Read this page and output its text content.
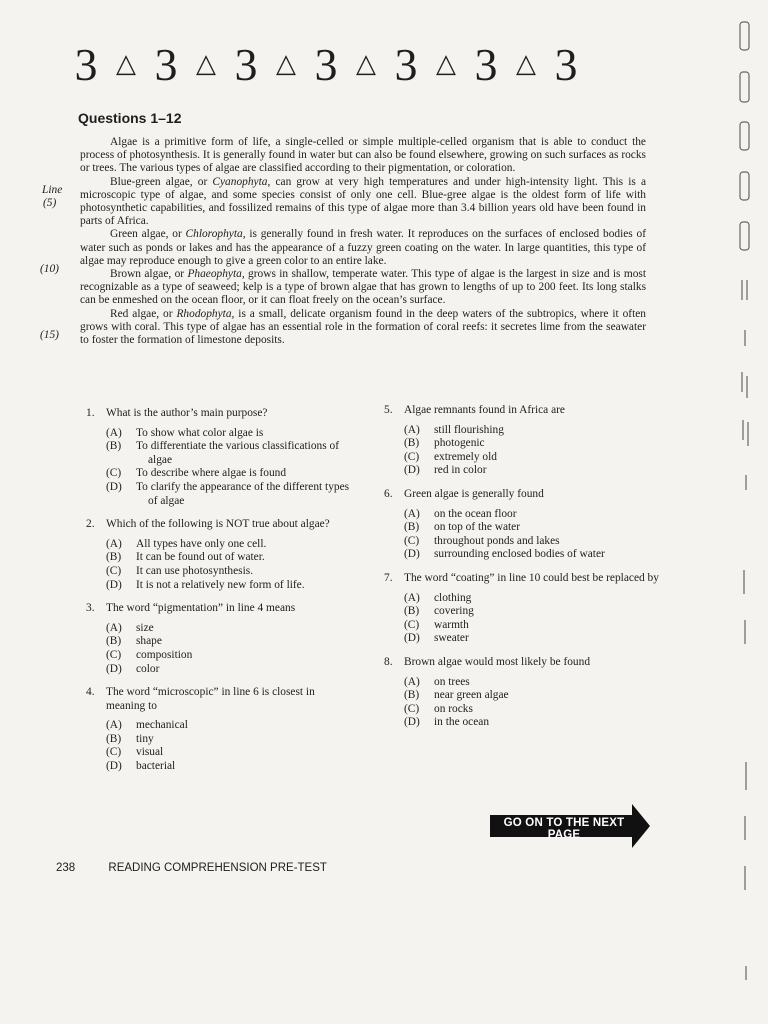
3 △ 3 △ 3 △ 3 △ 3 △ 3 △ 3
Questions 1–12
Line
(5)
(10)
(15)

Algae is a primitive form of life, a single-celled or simple multiple-celled organism that is able to conduct the process of photosynthesis. It is generally found in water but can also be found elsewhere, growing on such surfaces as rocks or trees. The various types of algae are classified according to their pigmentation, or coloration.

Blue-green algae, or Cyanophyta, can grow at very high temperatures and under high-intensity light. This is a microscopic type of algae, and some species consist of only one cell. Blue-gree algae is the oldest form of life with photosynthetic capabilities, and fossilized remains of this type of algae more than 3.4 billion years old have been found in parts of Africa.

Green algae, or Chlorophyta, is generally found in fresh water. It reproduces on the surfaces of enclosed bodies of water such as ponds or lakes and has the appearance of a fuzzy green coating on the water. In large quantities, this type of algae may reproduce enough to give a green color to an entire lake.

Brown algae, or Phaeophyta, grows in shallow, temperate water. This type of algae is the largest in size and is most recognizable as a type of seaweed; kelp is a type of brown algae that has grown to lengths of up to 200 feet. Its long stalks can be enmeshed on the ocean floor, or it can float freely on the ocean’s surface.

Red algae, or Rhodophyta, is a small, delicate organism found in the deep waters of the subtropics, where it often grows with coral. This type of algae has an essential role in the formation of coral reefs: it secretes lime from the seawater to foster the formation of limestone deposits.

1.	What is the author’s main purpose?
(A)	To show what color algae is
(B)	To differentiate the various classifications of algae
(C)	To describe where algae is found
(D)	To clarify the appearance of the different types of algae
2.	Which of the following is NOT true about algae?
(A)	All types have only one cell.
(B)	It can be found out of water.
(C)	It can use photosynthesis.
(D)	It is not a relatively new form of life.
3.	The word “pigmentation” in line 4 means
(A)	size
(B)	shape
(C)	composition
(D)	color
4.	The word “microscopic” in line 6 is closest in meaning to
(A)	mechanical
(B)	tiny
(C)	visual
(D)	bacterial
5.	Algae remnants found in Africa are
(A)	still flourishing
(B)	photogenic
(C)	extremely old
(D)	red in color
6.	Green algae is generally found
(A)	on the ocean floor
(B)	on top of the water
(C)	throughout ponds and lakes
(D)	surrounding enclosed bodies of water
7.	The word “coating” in line 10 could best be replaced by
(A)	clothing
(B)	covering
(C)	warmth
(D)	sweater
8.	Brown algae would most likely be found
(A)	on trees
(B)	near green algae
(C)	on rocks
(D)	in the ocean
GO ON TO THE NEXT PAGE
238	READING COMPREHENSION PRE-TEST
